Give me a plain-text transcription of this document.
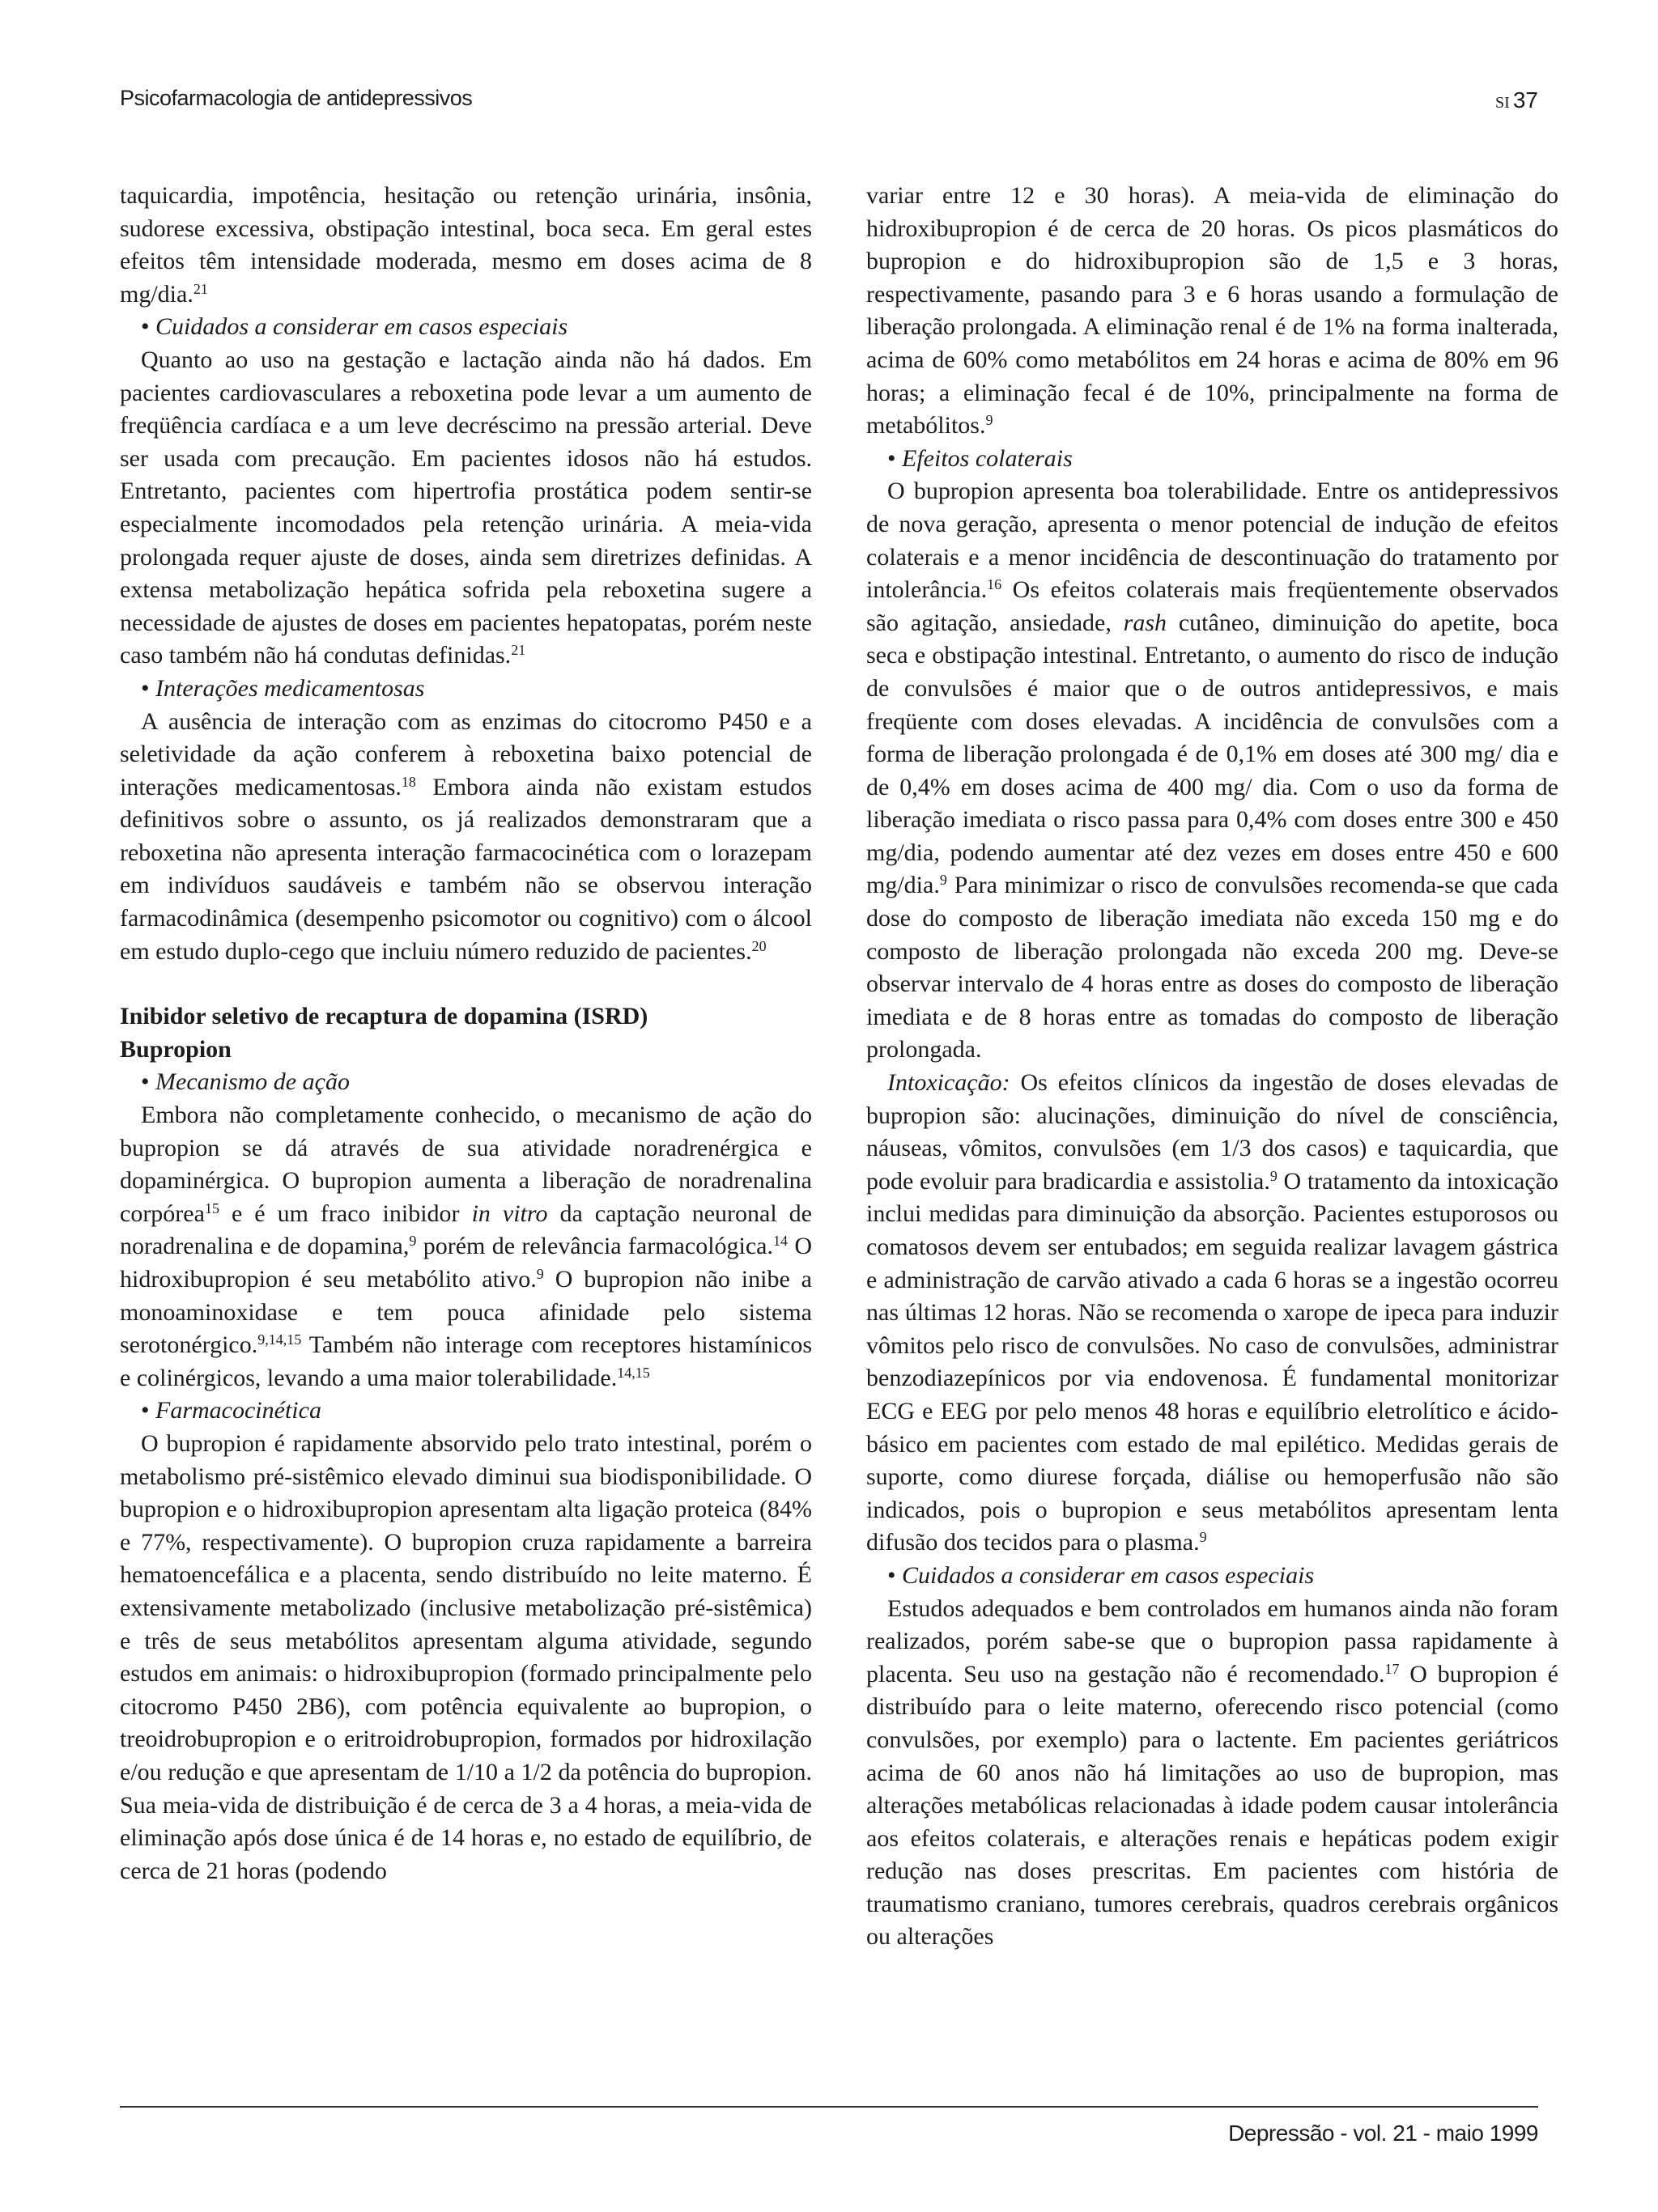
Psicofarmacologia de antidepressivos	SI 37

taquicardia, impotência, hesitação ou retenção urinária, insônia, sudorese excessiva, obstipação intestinal, boca seca. Em geral estes efeitos têm intensidade moderada, mesmo em doses acima de 8 mg/dia.$^{21}$

• Cuidados a considerar em casos especiais

Quanto ao uso na gestação e lactação ainda não há dados. Em pacientes cardiovasculares a reboxetina pode levar a um aumento de freqüência cardíaca e a um leve decréscimo na pressão arterial. Deve ser usada com precaução. Em pacientes idosos não há estudos. Entretanto, pacientes com hipertrofia prostática podem sentir-se especialmente incomodados pela retenção urinária. A meia-vida prolongada requer ajuste de doses, ainda sem diretrizes definidas. A extensa metabolização hepática sofrida pela reboxetina sugere a necessidade de ajustes de doses em pacientes hepatopatas, porém neste caso também não há condutas definidas.$^{21}$

• Interações medicamentosas

A ausência de interação com as enzimas do citocromo P450 e a seletividade da ação conferem à reboxetina baixo potencial de interações medicamentosas.$^{18}$ Embora ainda não existam estudos definitivos sobre o assunto, os já realizados demonstraram que a reboxetina não apresenta interação farmacocinética com o lorazepam em indivíduos saudáveis e também não se observou interação farmacodinâmica (desempenho psicomotor ou cognitivo) com o álcool em estudo duplo-cego que incluiu número reduzido de pacientes.$^{20}$

Inibidor seletivo de recaptura de dopamina (ISRD)

Bupropion

• Mecanismo de ação

Embora não completamente conhecido, o mecanismo de ação do bupropion se dá através de sua atividade noradrenérgica e dopaminérgica. O bupropion aumenta a liberação de noradrenalina corpórea$^{15}$ e é um fraco inibidor in vitro da captação neuronal de noradrenalina e de dopamina,$^9$ porém de relevância farmacológica.$^{14}$ O hidroxibupropion é seu metabólito ativo.$^9$ O bupropion não inibe a monoaminoxidase e tem pouca afinidade pelo sistema serotonérgico.$^{9,14,15}$ Também não interage com receptores histamínicos e colinérgicos, levando a uma maior tolerabilidade.$^{14,15}$

• Farmacocinética

O bupropion é rapidamente absorvido pelo trato intestinal, porém o metabolismo pré-sistêmico elevado diminui sua biodisponibilidade. O bupropion e o hidroxibupropion apresentam alta ligação proteica (84% e 77%, respectivamente). O bupropion cruza rapidamente a barreira hematoencefálica e a placenta, sendo distribuído no leite materno. É extensivamente metabolizado (inclusive metabolização pré-sistêmica) e três de seus metabólitos apresentam alguma atividade, segundo estudos em animais: o hidroxibupropion (formado principalmente pelo citocromo P450 2B6), com potência equivalente ao bupropion, o treoidrobupropion e o eritroidrobupropion, formados por hidroxilação e/ou redução e que apresentam de 1/10 a 1/2 da potência do bupropion. Sua meia-vida de distribuição é de cerca de 3 a 4 horas, a meia-vida de eliminação após dose única é de 14 horas e, no estado de equilíbrio, de cerca de 21 horas (podendo

variar entre 12 e 30 horas). A meia-vida de eliminação do hidroxibupropion é de cerca de 20 horas. Os picos plasmáticos do bupropion e do hidroxibupropion são de 1,5 e 3 horas, respectivamente, pasando para 3 e 6 horas usando a formulação de liberação prolongada. A eliminação renal é de 1% na forma inalterada, acima de 60% como metabólitos em 24 horas e acima de 80% em 96 horas; a eliminação fecal é de 10%, principalmente na forma de metabólitos.$^9$

• Efeitos colaterais

O bupropion apresenta boa tolerabilidade. Entre os antidepressivos de nova geração, apresenta o menor potencial de indução de efeitos colaterais e a menor incidência de descontinuação do tratamento por intolerância.$^{16}$ Os efeitos colaterais mais freqüentemente observados são agitação, ansiedade, rash cutâneo, diminuição do apetite, boca seca e obstipação intestinal. Entretanto, o aumento do risco de indução de convulsões é maior que o de outros antidepressivos, e mais freqüente com doses elevadas. A incidência de convulsões com a forma de liberação prolongada é de 0,1% em doses até 300 mg/ dia e de 0,4% em doses acima de 400 mg/ dia. Com o uso da forma de liberação imediata o risco passa para 0,4% com doses entre 300 e 450 mg/dia, podendo aumentar até dez vezes em doses entre 450 e 600 mg/dia.$^9$ Para minimizar o risco de convulsões recomenda-se que cada dose do composto de liberação imediata não exceda 150 mg e do composto de liberação prolongada não exceda 200 mg. Deve-se observar intervalo de 4 horas entre as doses do composto de liberação imediata e de 8 horas entre as tomadas do composto de liberação prolongada.

Intoxicação: Os efeitos clínicos da ingestão de doses elevadas de bupropion são: alucinações, diminuição do nível de consciência, náuseas, vômitos, convulsões (em 1/3 dos casos) e taquicardia, que pode evoluir para bradicardia e assistolia.$^9$ O tratamento da intoxicação inclui medidas para diminuição da absorção. Pacientes estuporosos ou comatosos devem ser entubados; em seguida realizar lavagem gástrica e administração de carvão ativado a cada 6 horas se a ingestão ocorreu nas últimas 12 horas. Não se recomenda o xarope de ipeca para induzir vômitos pelo risco de convulsões. No caso de convulsões, administrar benzodiazepínicos por via endovenosa. É fundamental monitorizar ECG e EEG por pelo menos 48 horas e equilíbrio eletrolítico e ácido-básico em pacientes com estado de mal epilético. Medidas gerais de suporte, como diurese forçada, diálise ou hemoperfusão não são indicados, pois o bupropion e seus metabólitos apresentam lenta difusão dos tecidos para o plasma.$^9$

• Cuidados a considerar em casos especiais

Estudos adequados e bem controlados em humanos ainda não foram realizados, porém sabe-se que o bupropion passa rapidamente à placenta. Seu uso na gestação não é recomendado.$^{17}$ O bupropion é distribuído para o leite materno, oferecendo risco potencial (como convulsões, por exemplo) para o lactente. Em pacientes geriátricos acima de 60 anos não há limitações ao uso de bupropion, mas alterações metabólicas relacionadas à idade podem causar intolerância aos efeitos colaterais, e alterações renais e hepáticas podem exigir redução nas doses prescritas. Em pacientes com história de traumatismo craniano, tumores cerebrais, quadros cerebrais orgânicos ou alterações

Depressão - vol. 21 - maio 1999
